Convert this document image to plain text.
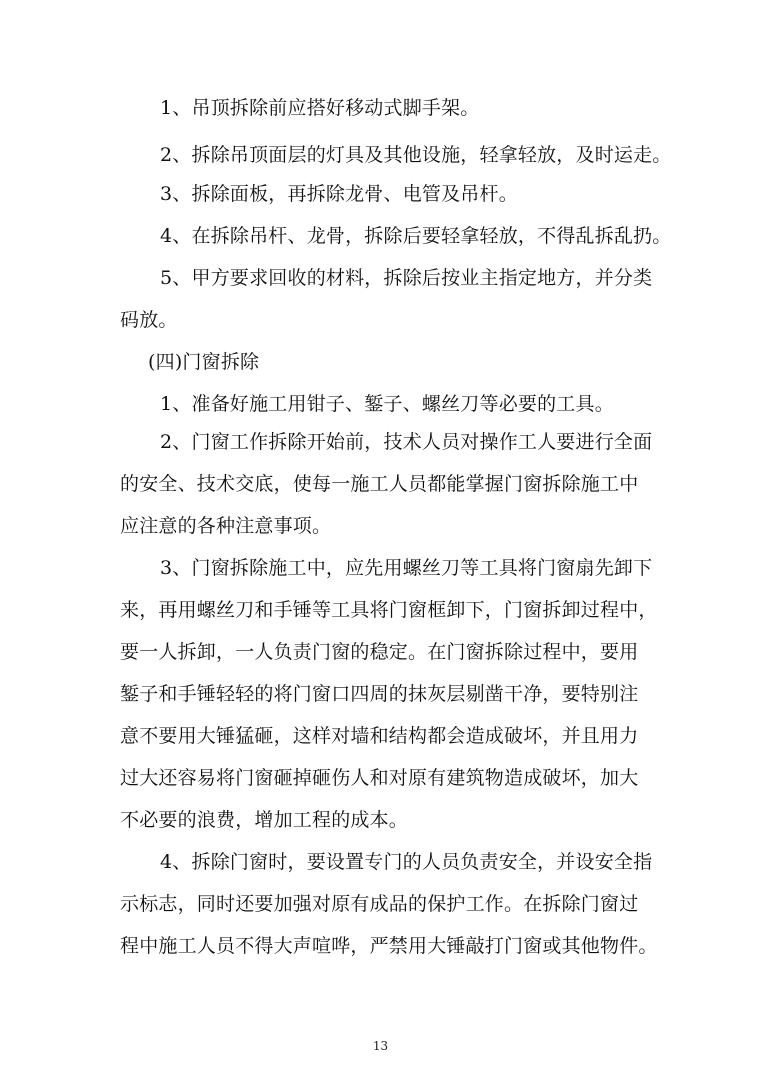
1、吊顶拆除前应搭好移动式脚手架。
2、拆除吊顶面层的灯具及其他设施，轻拿轻放，及时运走。
3、拆除面板，再拆除龙骨、电管及吊杆。
4、在拆除吊杆、龙骨，拆除后要轻拿轻放，不得乱拆乱扔。
5、甲方要求回收的材料，拆除后按业主指定地方，并分类
码放。
(四)门窗拆除
1、准备好施工用钳子、錾子、螺丝刀等必要的工具。
2、门窗工作拆除开始前，技术人员对操作工人要进行全面
的安全、技术交底，使每一施工人员都能掌握门窗拆除施工中
应注意的各种注意事项。
3、门窗拆除施工中，应先用螺丝刀等工具将门窗扇先卸下
来，再用螺丝刀和手锤等工具将门窗框卸下，门窗拆卸过程中，
要一人拆卸，一人负责门窗的稳定。在门窗拆除过程中，要用
錾子和手锤轻轻的将门窗口四周的抹灰层剔凿干净，要特别注
意不要用大锤猛砸，这样对墙和结构都会造成破坏，并且用力
过大还容易将门窗砸掉砸伤人和对原有建筑物造成破坏，加大
不必要的浪费，增加工程的成本。
4、拆除门窗时，要设置专门的人员负责安全，并设安全指
示标志，同时还要加强对原有成品的保护工作。在拆除门窗过
程中施工人员不得大声喧哗，严禁用大锤敲打门窗或其他物件。
13
